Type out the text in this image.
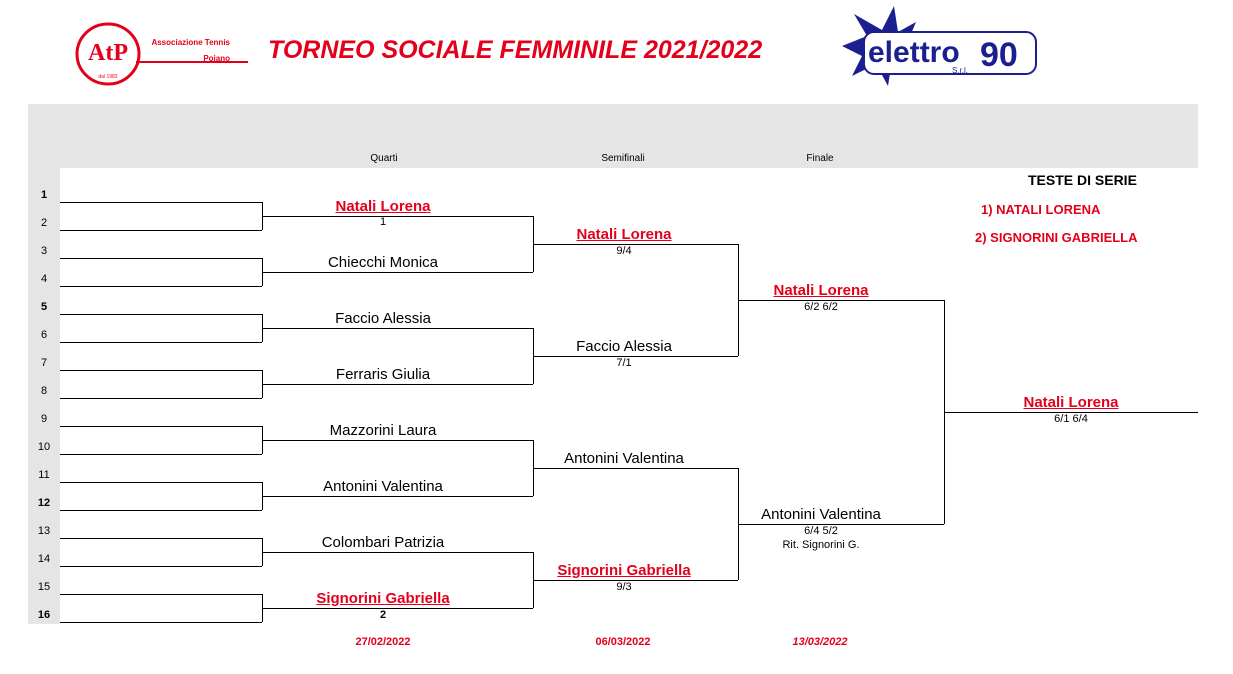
AtP
dal 1983
Associazione Tennis
Poiano TORNEO SOCIALE FEMMINILE 2021/2022	elettro 90
S.r.l.
Quarti	Semifinali	Finale
1
2
3
4
5
6
7
8
9
10
11
12
13
14
15
16
Natali Lorena
1
Chiecchi Monica
Faccio Alessia
Ferraris Giulia
Mazzorini Laura
Antonini Valentina
Colombari Patrizia
Signorini Gabriella
2
Natali Lorena
9/4
Faccio Alessia
7/1
Antonini Valentina
Signorini Gabriella
9/3
Natali Lorena
6/2 6/2
Antonini Valentina
6/4 5/2
Rit. Signorini G.
Natali Lorena
6/1 6/4
27/02/2022	06/03/2022	13/03/2022
TESTE DI SERIE
1) NATALI LORENA
2) SIGNORINI GABRIELLA
